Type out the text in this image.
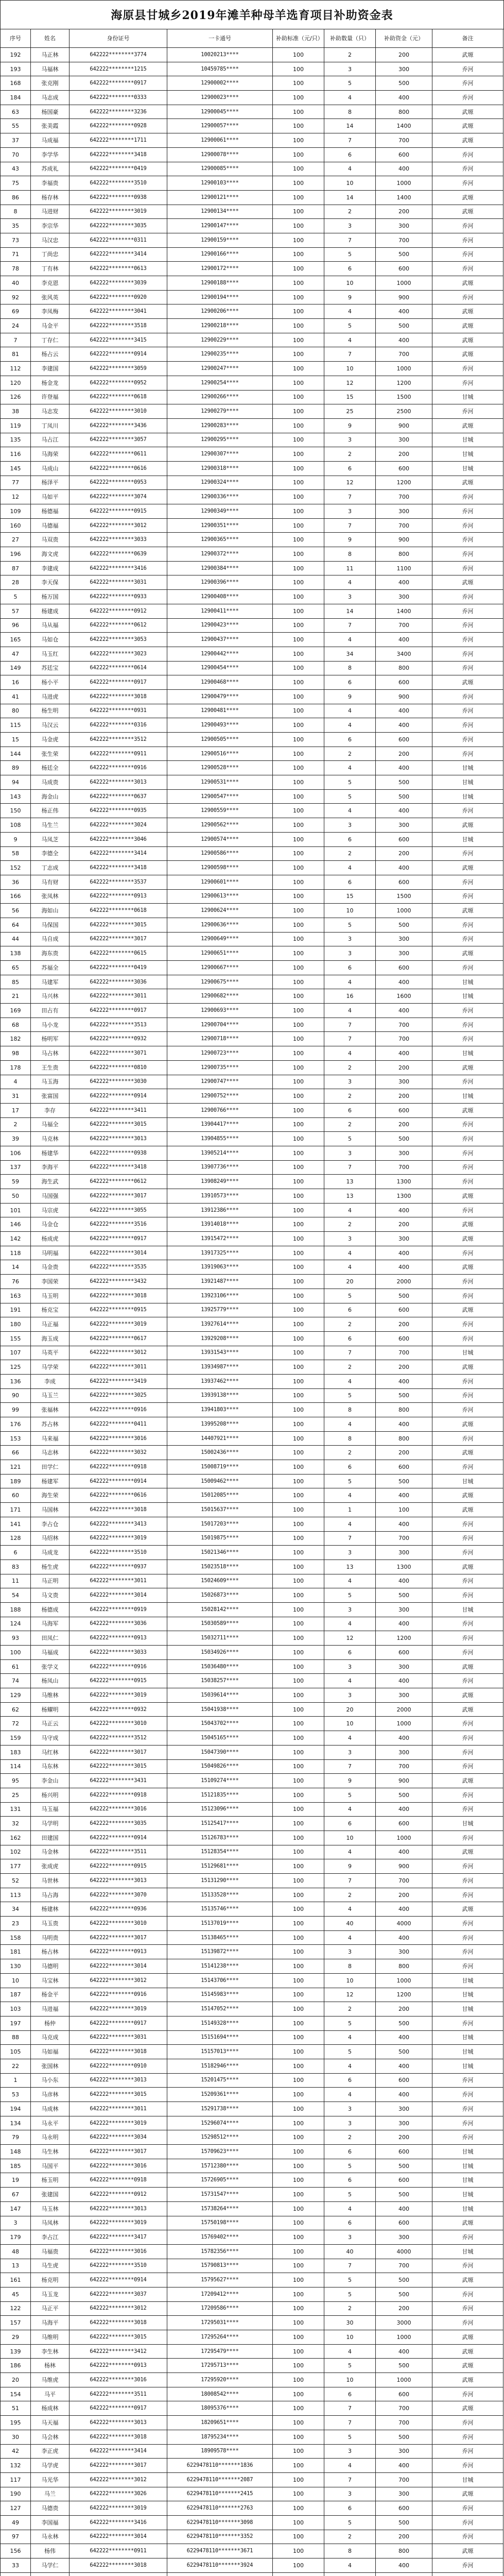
海原县甘城乡2019年滩羊种母羊选育项目补助资金表
序号	姓名	身份证号	一卡通号	补助标准（元/只）	补助数量（只）	补助资金（元）	备注
192	马正林	642222********3774	10020213****	100	2	200	武塬
193	马福林	642222********1215	10459785****	100	3	300	乔河
168	张克刚	642222********0917	12900002****	100	5	500	乔河
184	马志成	642222********0333	12900023****	100	4	400	乔河
63	杨国豪	642222********3236	12900045****	100	8	800	武塬
55	张美霞	642222********0928	12900057****	100	14	1400	武塬
37	马成福	642222********1711	12900061****	100	7	700	武塬
70	李学华	642222********3418	12900078****	100	6	600	乔河
43	苏成礼	642222********0419	12900085****	100	4	400	乔河
75	李福贵	642222********3510	12900103****	100	10	1000	乔河
86	杨存林	642222********0938	12900121****	100	14	1400	武塬
8	马进财	642222********3019	12900134****	100	2	200	武塬
35	李宗华	642222********3035	12900147****	100	3	300	乔河
73	马汉忠	642222********0311	12900159****	100	7	700	乔河
71	丁尚忠	642222********3414	12900166****	100	5	500	乔河
78	丁有林	642222********0613	12900172****	100	6	600	乔河
40	李克恩	642222********3039	12900188****	100	10	1000	武塬
92	张风英	642222********0920	12900194****	100	9	900	乔河
69	李凤梅	642222********3041	12900206****	100	4	400	武塬
24	马金平	642222********3518	12900218****	100	5	500	武塬
7	丁存仁	642222********3415	12900229****	100	4	400	武塬
81	杨占云	642222********0914	12900235****	100	7	700	武塬
112	李建国	642222********3059	12900247****	100	10	1000	乔河
120	杨金龙	642222********0952	12900254****	100	12	1200	乔河
126	许登福	642222********0618	12900266****	100	15	1500	甘城
38	马志发	642222********3010	12900279****	100	25	2500	乔河
119	丁凤川	642222********3436	12900283****	100	9	900	武塬
135	马占江	642222********3057	12900295****	100	3	300	甘城
116	马海荣	642222********0611	12900307****	100	2	200	甘城
145	马成山	642222********0616	12900318****	100	6	600	甘城
77	杨泽平	642222********0953	12900324****	100	12	1200	武塬
12	马如平	642222********3074	12900336****	100	7	700	乔河
109	杨德福	642222********0915	12900349****	100	3	300	乔河
160	马德福	642222********3012	12900351****	100	7	700	乔河
27	马双贵	642222********3033	12900365****	100	9	900	乔河
196	海文虎	642222********0639	12900372****	100	8	800	乔河
87	李建成	642222********3416	12900384****	100	11	1100	乔河
28	李天保	642222********3031	12900396****	100	4	400	武塬
5	杨万国	642222********0933	12900408****	100	3	300	乔河
57	杨建成	642222********0912	12900411****	100	14	1400	乔河
96	马从福	642222********0612	12900423****	100	7	700	乔河
165	马如仓	642222********3053	12900437****	100	4	400	乔河
47	马玉红	642222********3023	12900442****	100	34	3400	乔河
149	苏廷宝	642222********0614	12900454****	100	8	800	乔河
16	杨小平	642222********0917	12900468****	100	6	600	武塬
41	马进虎	642222********3018	12900479****	100	9	900	乔河
80	杨生明	642222********0931	12900481****	100	4	400	乔河
115	马汉云	642222********0316	12900493****	100	4	400	乔河
15	马金虎	642222********3512	12900505****	100	6	600	乔河
144	张生荣	642222********0911	12900516****	100	2	200	乔河
89	杨廷全	642222********0916	12900528****	100	4	400	甘城
94	马成贵	642222********3013	12900531****	100	5	500	甘城
143	海金山	642222********0637	12900547****	100	5	500	甘城
150	杨正伟	642222********0935	12900559****	100	4	400	乔河
108	马生兰	642222********3024	12900562****	100	3	300	武塬
9	马凤芝	642222********3046	12900574****	100	6	600	甘城
58	李德全	642222********3414	12900586****	100	2	200	乔河
152	丁志成	642222********3418	12900598****	100	4	400	武塬
36	马有财	642222********3537	12900601****	100	6	600	乔河
166	张凤林	642222********0913	12900613****	100	15	1500	乔河
56	海如山	642222********0618	12900624****	100	10	1000	武塬
64	马保国	642222********3015	12900636****	100	5	500	乔河
44	马自成	642222********3017	12900649****	100	3	300	乔河
138	海东贵	642222********0615	12900651****	100	3	300	武塬
65	苏福全	642222********0419	12900667****	100	6	600	乔河
85	马建军	642222********3036	12900675****	100	4	400	甘城
21	马兴林	642222********3011	12900682****	100	16	1600	甘城
169	田占有	642222********0917	12900693****	100	4	400	乔河
68	马小龙	642222********3513	12900704****	100	7	700	乔河
182	杨明军	642222********0932	12900718****	100	7	700	乔河
98	马占林	642222********3071	12900723****	100	4	400	甘城
178	王生贵	642222********0810	12900735****	100	2	200	武塬
4	马玉海	642222********3030	12900747****	100	3	300	乔河
31	张富国	642222********0914	12900752****	100	2	200	甘城
17	李存	642222********3411	12900766****	100	6	600	武塬
2	马福全	642222********3015	13904417****	100	2	200	乔河
39	马克林	642222********3013	13904855****	100	5	500	乔河
106	杨建华	642222********0938	13905214****	100	3	300	乔河
137	李海平	642222********3418	13907736****	100	7	700	乔河
59	海生武	642222********0612	13908249****	100	13	1300	乔河
50	马国强	642222********3017	13910573****	100	13	1300	武塬
101	马宗虎	642222********3055	13912386****	100	4	400	乔河
146	马金仓	642222********3516	13914018****	100	2	200	武塬
142	杨成虎	642222********0917	13915472****	100	3	300	武塬
118	马明福	642222********3014	13917325****	100	4	400	乔河
14	马金贵	642222********3535	13919063****	100	4	400	武塬
76	李国荣	642222********3432	13921487****	100	20	2000	乔河
163	马玉明	642222********3018	13923106****	100	5	500	乔河
191	杨克宝	642222********0915	13925779****	100	6	600	武塬
180	马正福	642222********3019	13927614****	100	2	200	乔河
155	海玉成	642222********0617	13929208****	100	6	600	乔河
107	马英平	642222********3012	13931543****	100	7	700	甘城
125	马学荣	642222********3011	13934987****	100	2	200	武塬
136	李成	642222********3419	13937462****	100	4	400	乔河
90	马玉兰	642222********3025	13939138****	100	5	500	乔河
99	张福林	642222********0916	13941803****	100	8	800	乔河
176	苏占林	642222********0411	13995208****	100	4	400	武塬
153	马来福	642222********3016	14407921****	100	8	800	乔河
66	马志林	642222********3032	15002436****	100	2	200	武塬
121	田学仁	642222********0918	15008719****	100	6	600	乔河
189	杨建军	642222********0914	15009462****	100	5	500	甘城
60	海生荣	642222********0616	15012085****	100	4	400	武塬
171	马国林	642222********3018	15015637****	100	1	100	武塬
141	李占仓	642222********3413	15017203****	100	4	400	乔河
128	马绍林	642222********3019	15019875****	100	7	700	乔河
6	马成龙	642222********3510	15021346****	100	3	300	乔河
83	杨生虎	642222********0937	15023518****	100	13	1300	武塬
11	马正明	642222********3011	15024609****	100	4	400	乔河
54	马文贵	642222********3014	15026873****	100	5	500	乔河
188	杨德成	642222********0919	15028142****	100	3	300	甘城
124	马海军	642222********3036	15030589****	100	4	400	乔河
93	田凤仁	642222********0913	15032711****	100	12	1200	乔河
100	马福成	642222********3033	15034926****	100	6	600	乔河
61	张学义	642222********0916	15036480****	100	3	300	武塬
74	杨凤山	642222********0915	15038257****	100	4	400	乔河
129	马维林	642222********3019	15039614****	100	3	300	武塬
62	杨耀明	642222********0932	15041938****	100	20	2000	武塬
72	马正云	642222********3010	15043702****	100	10	1000	乔河
159	马守成	642222********3512	15045165****	100	4	400	乔河
183	马红林	642222********3017	15047390****	100	3	300	乔河
114	马东林	642222********3015	15049826****	100	7	700	乔河
95	李金山	642222********3431	15109274****	100	9	900	武塬
25	杨兴明	642222********0918	15121835****	100	5	500	乔河
131	马玉福	642222********3016	15123096****	100	4	400	乔河
32	马学明	642222********3035	15125417****	100	6	600	甘城
162	田建国	642222********0914	15126783****	100	10	1000	乔河
102	马金林	642222********3511	15128354****	100	4	400	武塬
177	张成虎	642222********0915	15129681****	100	9	900	乔河
52	马世林	642222********3013	15131290****	100	7	700	乔河
113	马占海	642222********3070	15133528****	100	2	200	乔河
34	杨建林	642222********0936	15135746****	100	4	400	武塬
23	马玉贵	642222********3010	15137019****	100	40	4000	乔河
158	马明贵	642222********3017	15138465****	100	4	400	乔河
181	杨占林	642222********0913	15139872****	100	3	300	乔河
130	马德明	642222********3014	15141238****	100	8	800	乔河
10	马宝林	642222********3012	15143706****	100	10	1000	甘城
187	杨金平	642222********0916	15145983****	100	12	1200	甘城
103	马进福	642222********3019	15147052****	100	2	200	甘城
197	杨仲	642222********0917	15149328****	100	5	500	乔河
88	马克成	642222********3031	15151694****	100	4	400	甘城
105	马如福	642222********3018	15157013****	100	5	500	甘城
22	张国林	642222********0910	15182946****	100	4	400	甘城
1	马小东	642222********3013	15201475****	100	6	600	乔河
53	马彦林	642222********3015	15209361****	100	4	400	乔河
194	马成林	642222********3011	15291738****	100	3	300	乔河
134	马永平	642222********3019	15296074****	100	3	300	乔河
79	马永明	642222********3034	15298512****	100	2	200	乔河
148	马生林	642222********3017	15709623****	100	6	600	甘城
185	马国平	642222********3016	15712380****	100	5	500	甘城
19	杨玉明	642222********0918	15726905****	100	6	600	甘城
67	张建国	642222********0912	15731547****	100	5	500	甘城
147	马玉林	642222********3013	15738264****	100	4	400	甘城
3	马凤林	642222********3019	15750198****	100	6	600	武塬
179	李占江	642222********3417	15769402****	100	3	300	乔河
48	马福贵	642222********3016	15782356****	100	40	4000	甘城
13	马生虎	642222********3510	15790813****	100	7	700	乔河
161	杨克明	642222********0914	15795627****	100	5	500	武塬
45	马玉龙	642222********3037	17209412****	100	5	500	乔河
122	马正平	642222********3012	17209586****	100	2	200	乔河
157	马海平	642222********3018	17295031****	100	30	3000	乔河
29	马维明	642222********3015	17295264****	100	10	1000	武塬
139	李生林	642222********3412	17295479****	100	4	400	武塬
186	杨林	642222********0913	17295713****	100	5	500	武塬
20	马维虎	642222********3016	17295920****	100	10	1000	武塬
154	马平	642222********3511	18008542****	100	6	600	乔河
51	杨成林	642222********0917	18095376****	100	7	700	武塬
195	马天福	642222********3013	18209651****	100	7	700	乔河
30	马会林	642222********3018	18795234****	100	5	500	乔河
42	李正虎	642222********3414	18909578****	100	3	300	乔河
132	马学虎	642222********3017	6229478110*******1836	100	4	400	乔河
117	马光华	642222********3012	6229478110*******2087	100	7	700	甘城
190	马兰	642222********3026	6229478110*******2415	100	3	300	武塬
127	马德贵	642222********3019	6229478110*******2763	100	6	600	乔河
49	李国福	642222********3416	6229478110*******3098	100	5	500	乔河
97	马永林	642222********3014	6229478110*******3352	100	2	200	乔河
156	杨伟	642222********0911	6229478110*******3671	100	8	800	武塬
33	马学仁	642222********3018	6229478110*******3924	100	4	400	乔河
